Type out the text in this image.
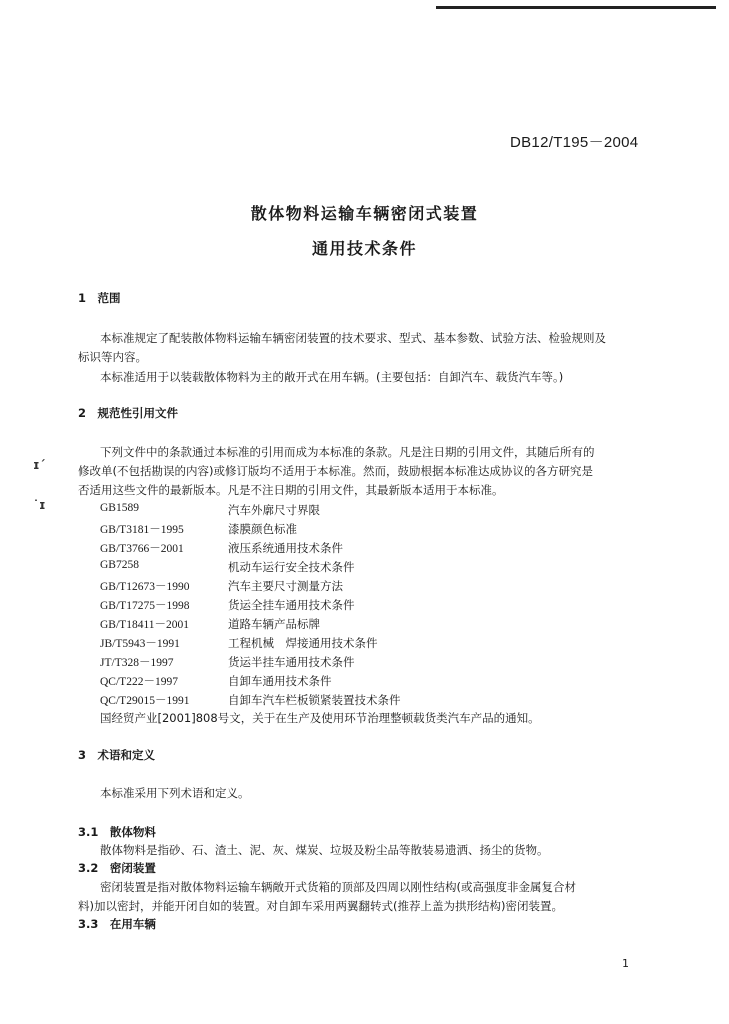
DB12/T195－2004
散体物料运输车辆密闭式装置
通用技术条件
1　范围
本标准规定了配装散体物料运输车辆密闭装置的技术要求、型式、基本参数、试验方法、检验规则及
标识等内容。
本标准适用于以装载散体物料为主的敞开式在用车辆。(主要包括：自卸汽车、载货汽车等。)
2　规范性引用文件
下列文件中的条款通过本标准的引用而成为本标准的条款。凡是注日期的引用文件，其随后所有的
修改单(不包括勘误的内容)或修订版均不适用于本标准。然而，鼓励根据本标准达成协议的各方研究是
否适用这些文件的最新版本。凡是不注日期的引用文件，其最新版本适用于本标准。
ɪ´
˙ɪ	GB1589	汽车外廓尺寸界限
GB/T3181－1995	漆膜颜色标准
GB/T3766－2001	液压系统通用技术条件
GB7258	机动车运行安全技术条件
GB/T12673－1990	汽车主要尺寸测量方法
GB/T17275－1998	货运全挂车通用技术条件
GB/T18411－2001	道路车辆产品标牌
JB/T5943－1991	工程机械　焊接通用技术条件
JT/T328－1997	货运半挂车通用技术条件
QC/T222－1997	自卸车通用技术条件
QC/T29015－1991	自卸车汽车栏板锁紧装置技术条件
国经贸产业[2001]808号文，关于在生产及使用环节治理整顿载货类汽车产品的通知。
3　术语和定义
本标准采用下列术语和定义。
3.1　散体物料
散体物料是指砂、石、渣土、泥、灰、煤炭、垃圾及粉尘品等散装易遗洒、扬尘的货物。
3.2　密闭装置
密闭装置是指对散体物料运输车辆敞开式货箱的顶部及四周以刚性结构(或高强度非金属复合材
料)加以密封，并能开闭自如的装置。对自卸车采用两翼翻转式(推荐上盖为拱形结构)密闭装置。
3.3　在用车辆
1
